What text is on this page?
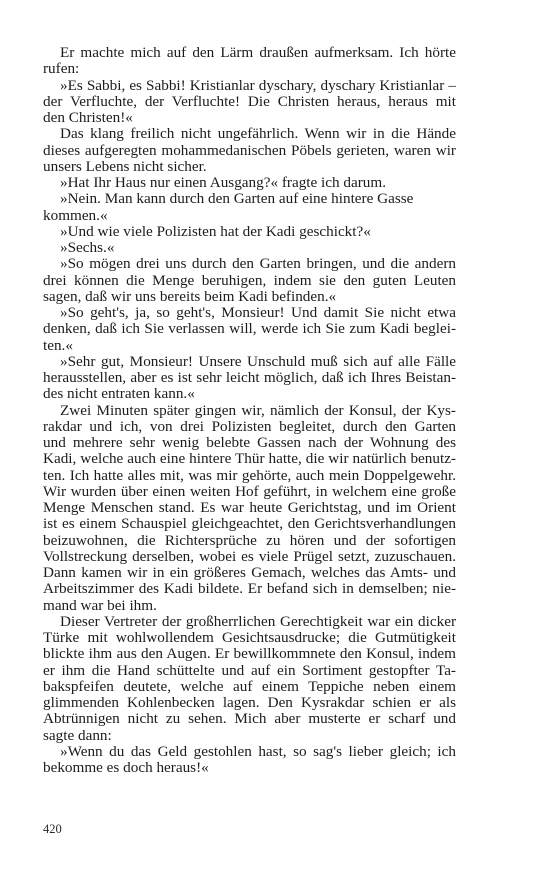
Er machte mich auf den Lärm draußen aufmerksam. Ich hörte
rufen:
»Es Sabbi, es Sabbi! Kristianlar dyschary, dyschary Kristianlar –
der Verfluchte, der Verfluchte! Die Christen heraus, heraus mit
den Christen!«
Das klang freilich nicht ungefährlich. Wenn wir in die Hände
dieses aufgeregten mohammedanischen Pöbels gerieten, waren wir
unsers Lebens nicht sicher.
»Hat Ihr Haus nur einen Ausgang?« fragte ich darum.
»Nein. Man kann durch den Garten auf eine hintere Gasse
kommen.«
»Und wie viele Polizisten hat der Kadi geschickt?«
»Sechs.«
»So mögen drei uns durch den Garten bringen, und die andern
drei können die Menge beruhigen, indem sie den guten Leuten
sagen, daß wir uns bereits beim Kadi befinden.«
»So geht's, ja, so geht's, Monsieur! Und damit Sie nicht etwa
denken, daß ich Sie verlassen will, werde ich Sie zum Kadi beglei-
ten.«
»Sehr gut, Monsieur! Unsere Unschuld muß sich auf alle Fälle
herausstellen, aber es ist sehr leicht möglich, daß ich Ihres Beistan-
des nicht entraten kann.«
Zwei Minuten später gingen wir, nämlich der Konsul, der Kys-
rakdar und ich, von drei Polizisten begleitet, durch den Garten
und mehrere sehr wenig belebte Gassen nach der Wohnung des
Kadi, welche auch eine hintere Thür hatte, die wir natürlich benutz-
ten. Ich hatte alles mit, was mir gehörte, auch mein Doppelgewehr.
Wir wurden über einen weiten Hof geführt, in welchem eine große
Menge Menschen stand. Es war heute Gerichtstag, und im Orient
ist es einem Schauspiel gleichgeachtet, den Gerichtsverhandlungen
beizuwohnen, die Richtersprüche zu hören und der sofortigen
Vollstreckung derselben, wobei es viele Prügel setzt, zuzuschauen.
Dann kamen wir in ein größeres Gemach, welches das Amts- und
Arbeitszimmer des Kadi bildete. Er befand sich in demselben; nie-
mand war bei ihm.
Dieser Vertreter der großherrlichen Gerechtigkeit war ein dicker
Türke mit wohlwollendem Gesichtsausdrucke; die Gutmütigkeit
blickte ihm aus den Augen. Er bewillkommnete den Konsul, indem
er ihm die Hand schüttelte und auf ein Sortiment gestopfter Ta-
bakspfeifen deutete, welche auf einem Teppiche neben einem
glimmenden Kohlenbecken lagen. Den Kysrakdar schien er als
Abtrünnigen nicht zu sehen. Mich aber musterte er scharf und
sagte dann:
»Wenn du das Geld gestohlen hast, so sag's lieber gleich; ich
bekomme es doch heraus!«
420
